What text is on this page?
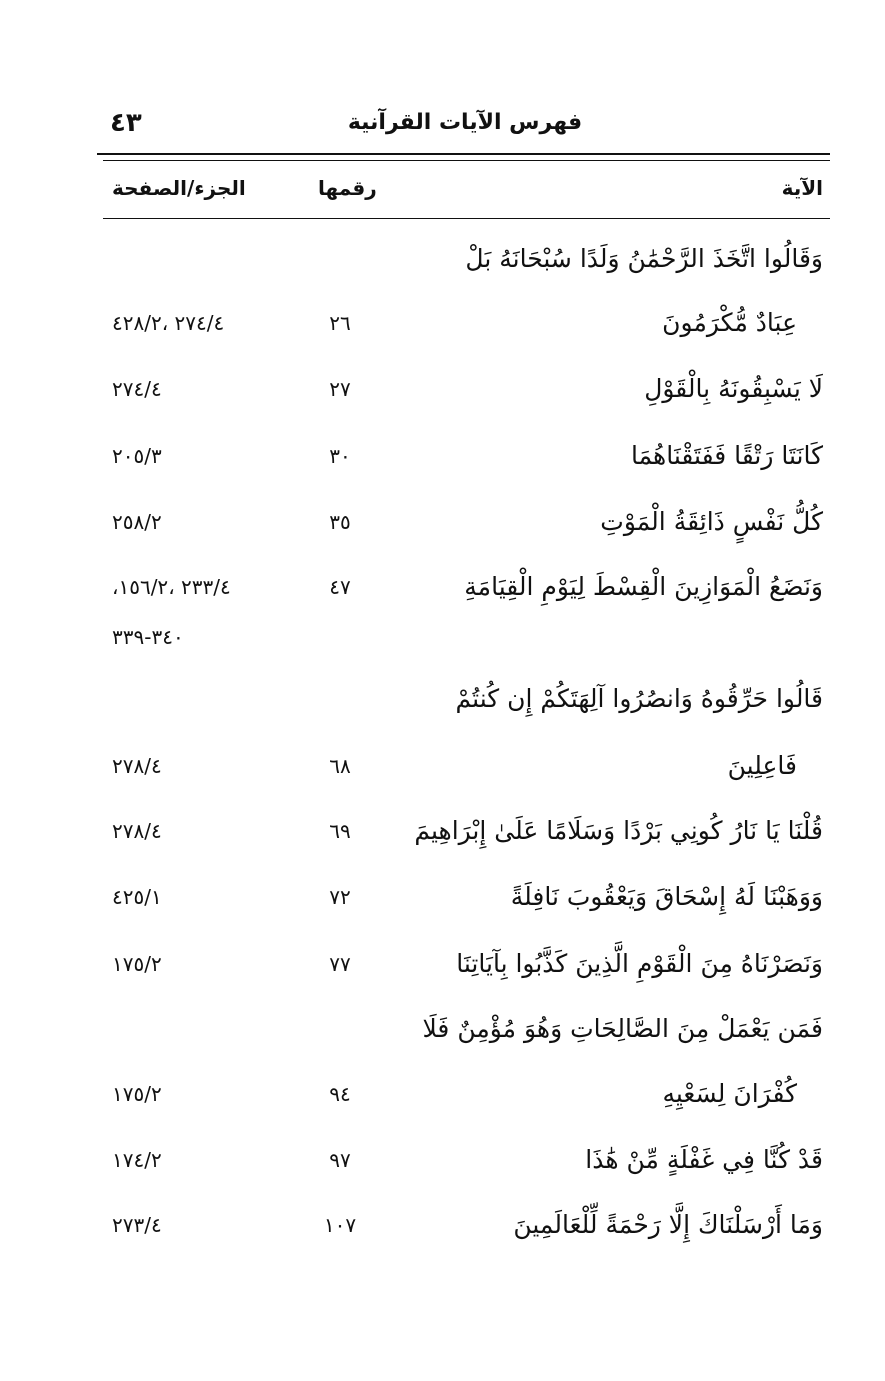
فهرس الآيات القرآنية
٤٣
الآية
رقمها
الجزء/الصفحة
وَقَالُوا اتَّخَذَ الرَّحْمَٰنُ وَلَدًا سُبْحَانَهُ بَلْ
عِبَادٌ مُّكْرَمُونَ
٢٦
٢٧٤/٤ ،٤٢٨/٢
لَا يَسْبِقُونَهُ بِالْقَوْلِ
٢٧
٢٧٤/٤
كَانَتَا رَتْقًا فَفَتَقْنَاهُمَا
٣٠
٢٠٥/٣
كُلُّ نَفْسٍ ذَائِقَةُ الْمَوْتِ
٣٥
٢٥٨/٢
وَنَضَعُ الْمَوَازِينَ الْقِسْطَ لِيَوْمِ الْقِيَامَةِ
٤٧
٢٣٣/٤ ،١٥٦/٢،
٣٤٠-٣٣٩
قَالُوا حَرِّقُوهُ وَانصُرُوا آلِهَتَكُمْ إِن كُنتُمْ
فَاعِلِينَ
٦٨
٢٧٨/٤
قُلْنَا يَا نَارُ كُونِي بَرْدًا وَسَلَامًا عَلَىٰ إِبْرَاهِيمَ
٦٩
٢٧٨/٤
وَوَهَبْنَا لَهُ إِسْحَاقَ وَيَعْقُوبَ نَافِلَةً
٧٢
٤٢٥/١
وَنَصَرْنَاهُ مِنَ الْقَوْمِ الَّذِينَ كَذَّبُوا بِآيَاتِنَا
٧٧
١٧٥/٢
فَمَن يَعْمَلْ مِنَ الصَّالِحَاتِ وَهُوَ مُؤْمِنٌ فَلَا
كُفْرَانَ لِسَعْيِهِ
٩٤
١٧٥/٢
قَدْ كُنَّا فِي غَفْلَةٍ مِّنْ هَٰذَا
٩٧
١٧٤/٢
وَمَا أَرْسَلْنَاكَ إِلَّا رَحْمَةً لِّلْعَالَمِينَ
١٠٧
٢٧٣/٤
